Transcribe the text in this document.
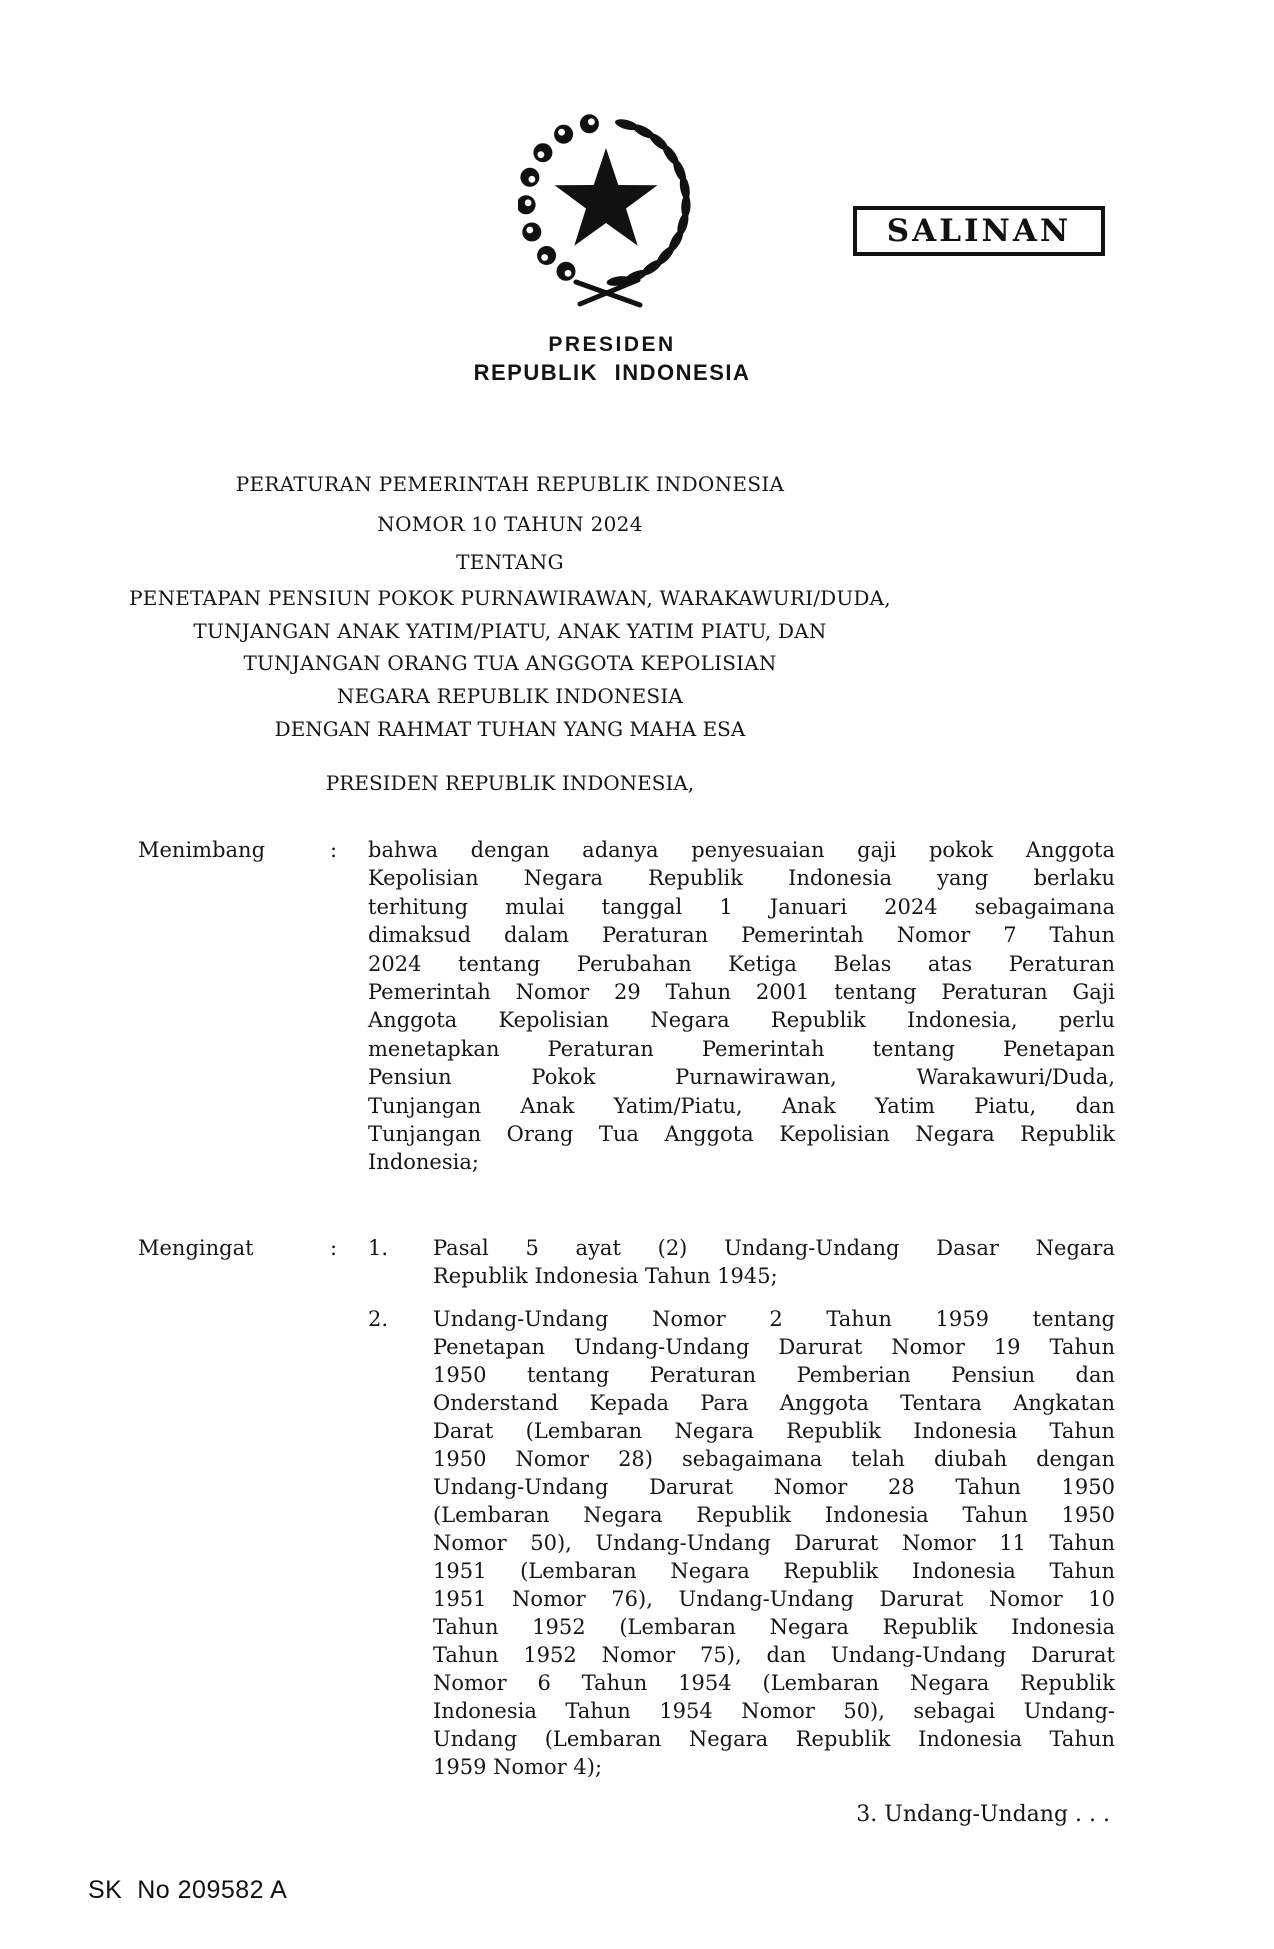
SALINAN
PRESIDEN
REPUBLIK INDONESIA
PERATURAN PEMERINTAH REPUBLIK INDONESIA
NOMOR 10 TAHUN 2024
TENTANG
PENETAPAN PENSIUN POKOK PURNAWIRAWAN, WARAKAWURI/DUDA,
TUNJANGAN ANAK YATIM/PIATU, ANAK YATIM PIATU, DAN
TUNJANGAN ORANG TUA ANGGOTA KEPOLISIAN
NEGARA REPUBLIK INDONESIA
DENGAN RAHMAT TUHAN YANG MAHA ESA
PRESIDEN REPUBLIK INDONESIA,
Menimbang	:	bahwa dengan adanya penyesuaian gaji pokok Anggota
Kepolisian Negara Republik Indonesia yang berlaku
terhitung mulai tanggal 1 Januari 2024 sebagaimana
dimaksud dalam Peraturan Pemerintah Nomor 7 Tahun
2024 tentang Perubahan Ketiga Belas atas Peraturan
Pemerintah Nomor 29 Tahun 2001 tentang Peraturan Gaji
Anggota Kepolisian Negara Republik Indonesia, perlu
menetapkan Peraturan Pemerintah tentang Penetapan
Pensiun Pokok Purnawirawan, Warakawuri/Duda,
Tunjangan Anak Yatim/Piatu, Anak Yatim Piatu, dan
Tunjangan Orang Tua Anggota Kepolisian Negara Republik
Indonesia;
Mengingat	:	1.	Pasal 5 ayat (2) Undang-Undang Dasar Negara
Republik Indonesia Tahun 1945;
2.	Undang-Undang Nomor 2 Tahun 1959 tentang
Penetapan Undang-Undang Darurat Nomor 19 Tahun
1950 tentang Peraturan Pemberian Pensiun dan
Onderstand Kepada Para Anggota Tentara Angkatan
Darat (Lembaran Negara Republik Indonesia Tahun
1950 Nomor 28) sebagaimana telah diubah dengan
Undang-Undang Darurat Nomor 28 Tahun 1950
(Lembaran Negara Republik Indonesia Tahun 1950
Nomor 50), Undang-Undang Darurat Nomor 11 Tahun
1951 (Lembaran Negara Republik Indonesia Tahun
1951 Nomor 76), Undang-Undang Darurat Nomor 10
Tahun 1952 (Lembaran Negara Republik Indonesia
Tahun 1952 Nomor 75), dan Undang-Undang Darurat
Nomor 6 Tahun 1954 (Lembaran Negara Republik
Indonesia Tahun 1954 Nomor 50), sebagai Undang-
Undang (Lembaran Negara Republik Indonesia Tahun
1959 Nomor 4);
3. Undang-Undang . . .
SK  No 209582 A
